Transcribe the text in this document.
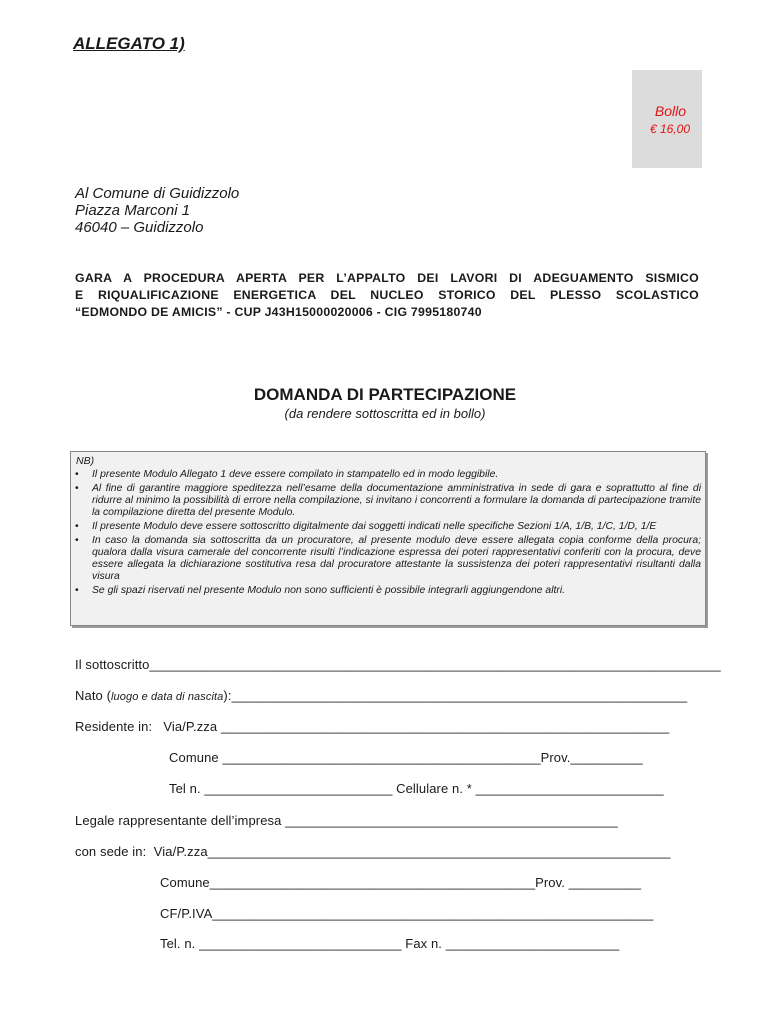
ALLEGATO 1)
Bollo
€ 16,00
Al Comune di Guidizzolo
Piazza Marconi 1
46040 – Guidizzolo
GARA A PROCEDURA APERTA PER L’APPALTO DEI LAVORI DI ADEGUAMENTO SISMICO
E RIQUALIFICAZIONE ENERGETICA DEL NUCLEO STORICO DEL PLESSO SCOLASTICO
“EDMONDO DE AMICIS” - CUP J43H15000020006 - CIG 7995180740
DOMANDA DI PARTECIPAZIONE
(da rendere sottoscritta ed in bollo)
NB)
• Il presente Modulo Allegato 1 deve essere compilato in stampatello ed in modo leggibile.
• Al fine di garantire maggiore speditezza nell’esame della documentazione amministrativa in sede di gara e soprattutto al fine di ridurre al minimo la possibilità di errore nella compilazione, si invitano i concorrenti a formulare la domanda di partecipazione tramite la compilazione diretta del presente Modulo.
• Il presente Modulo deve essere sottoscritto digitalmente dai soggetti indicati nelle specifiche Sezioni 1/A, 1/B, 1/C, 1/D, 1/E
• In caso la domanda sia sottoscritta da un procuratore, al presente modulo deve essere allegata copia conforme della procura; qualora dalla visura camerale del concorrente risulti l’indicazione espressa dei poteri rappresentativi conferiti con la procura, deve essere allegata la dichiarazione sostitutiva resa dal procuratore attestante la sussistenza dei poteri rappresentativi risultanti dalla visura
• Se gli spazi riservati nel presente Modulo non sono sufficienti è possibile integrarli aggiungendone altri.
Il sottoscritto_______________________________________________________________________________
Nato (luogo e data di nascita):_______________________________________________________________
Residente in: Via/P.zza ______________________________________________________________
Comune ____________________________________________Prov.__________
Tel n. __________________________ Cellulare n. * __________________________
Legale rappresentante dell’impresa ______________________________________________
con sede in: Via/P.zza________________________________________________________________
Comune_____________________________________________Prov. __________
CF/P.IVA_____________________________________________________________
Tel. n. ____________________________ Fax n. ________________________
